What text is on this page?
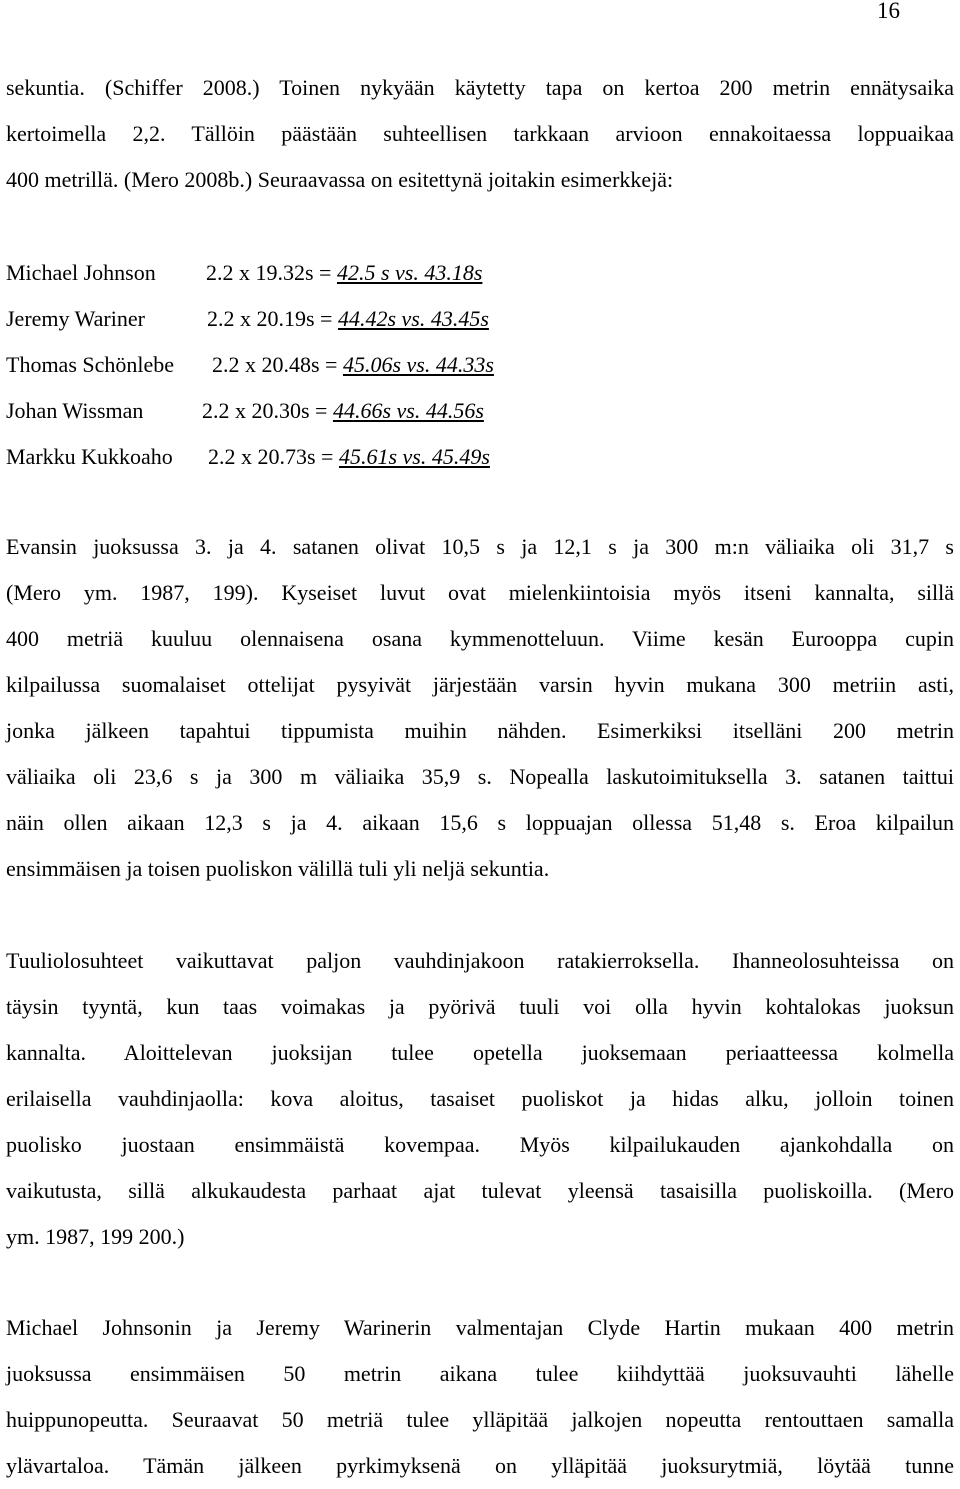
16
sekuntia. (Schiffer 2008.) Toinen nykyään käytetty tapa on kertoa 200 metrin ennätysaika
kertoimella 2,2. Tällöin päästään suhteellisen tarkkaan arvioon ennakoitaessa loppuaikaa
400 metrillä. (Mero 2008b.) Seuraavassa on esitettynä joitakin esimerkkejä:
Michael Johnson 2.2 x 19.32s = 42.5 s vs. 43.18s
Jeremy Wariner	2.2 x 20.19s = 44.42s vs. 43.45s
Thomas Schönlebe 2.2 x 20.48s = 45.06s vs. 44.33s
Johan Wissman	2.2 x 20.30s = 44.66s vs. 44.56s
Markku Kukkoaho 2.2 x 20.73s = 45.61s vs. 45.49s
Evansin juoksussa 3. ja 4. satanen olivat 10,5 s ja 12,1 s ja 300 m:n väliaika oli 31,7 s
(Mero ym. 1987, 199). Kyseiset luvut ovat mielenkiintoisia myös itseni kannalta, sillä
400 metriä kuuluu olennaisena osana kymmenotteluun. Viime kesän Eurooppa cupin
kilpailussa suomalaiset ottelijat pysyivät järjestään varsin hyvin mukana 300 metriin asti,
jonka jälkeen tapahtui tippumista muihin nähden. Esimerkiksi itselläni 200 metrin
väliaika oli 23,6 s ja 300 m väliaika 35,9 s. Nopealla laskutoimituksella 3. satanen taittui
näin ollen aikaan 12,3 s ja 4. aikaan 15,6 s loppuajan ollessa 51,48 s. Eroa kilpailun
ensimmäisen ja toisen puoliskon välillä tuli yli neljä sekuntia.
Tuuliolosuhteet vaikuttavat paljon vauhdinjakoon ratakierroksella. Ihanneolosuhteissa on
täysin tyyntä, kun taas voimakas ja pyörivä tuuli voi olla hyvin kohtalokas juoksun
kannalta. Aloittelevan juoksijan tulee opetella juoksemaan periaatteessa kolmella
erilaisella vauhdinjaolla: kova aloitus, tasaiset puoliskot ja hidas alku, jolloin toinen
puolisko juostaan ensimmäistä kovempaa. Myös kilpailukauden ajankohdalla on
vaikutusta, sillä alkukaudesta parhaat ajat tulevat yleensä tasaisilla puoliskoilla. (Mero
ym. 1987, 199 200.)
Michael Johnsonin ja Jeremy Warinerin valmentajan Clyde Hartin mukaan 400 metrin
juoksussa ensimmäisen 50 metrin aikana tulee kiihdyttää juoksuvauhti lähelle
huippunopeutta. Seuraavat 50 metriä tulee ylläpitää jalkojen nopeutta rentouttaen samalla
ylävartaloa. Tämän jälkeen pyrkimyksenä on ylläpitää juoksurytmiä, löytää tunne
